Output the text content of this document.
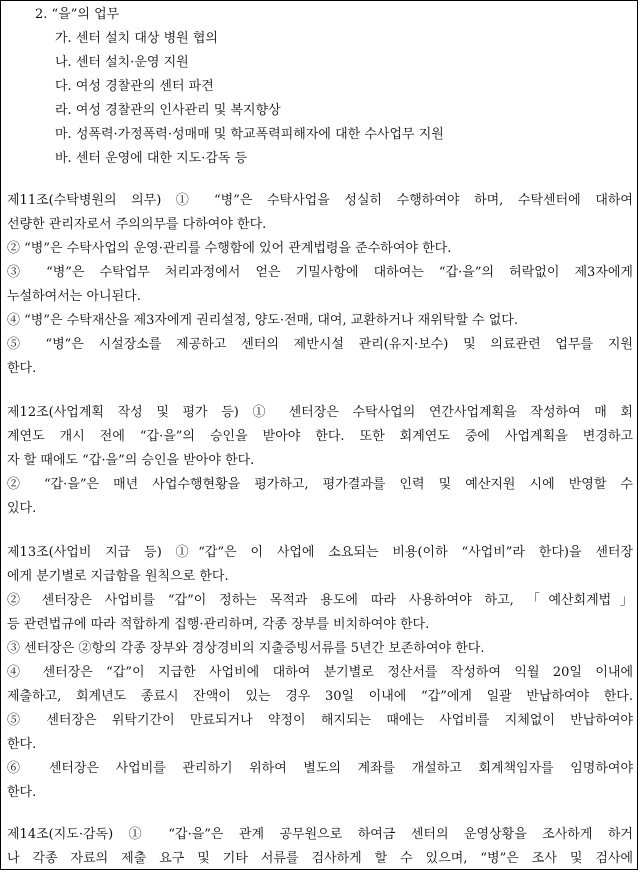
2. “을”의 업무
가. 센터 설치 대상 병원 협의
나. 센터 설치·운영 지원
다. 여성 경찰관의 센터 파견
라. 여성 경찰관의 인사관리 및 복지향상
마. 성폭력·가정폭력·성매매 및 학교폭력피해자에 대한 수사업무 지원
바. 센터 운영에 대한 지도·감독 등
제11조(수탁병원의 의무) ① “병”은 수탁사업을 성실히 수행하여야 하며, 수탁센터에 대하여
선량한 관리자로서 주의의무를 다하여야 한다.
② “병”은 수탁사업의 운영·관리를 수행함에 있어 관계법령을 준수하여야 한다.
③ “병”은 수탁업무 처리과정에서 얻은 기밀사항에 대하여는 “갑·을”의 허락없이 제3자에게
누설하여서는 아니된다.
④ “병”은 수탁재산을 제3자에게 권리설정, 양도·전매, 대여, 교환하거나 재위탁할 수 없다.
⑤ “병”은 시설장소를 제공하고 센터의 제반시설 관리(유지·보수) 및 의료관련 업무를 지원
한다.
제12조(사업계획 작성 및 평가 등) ① 센터장은 수탁사업의 연간사업계획을 작성하여 매 회
계연도 개시 전에 “갑·을”의 승인을 받아야 한다. 또한 회계연도 중에 사업계획을 변경하고
자 할 때에도 “갑·을”의 승인을 받아야 한다.
② “갑·을”은 매년 사업수행현황을 평가하고, 평가결과를 인력 및 예산지원 시에 반영할 수
있다.
제13조(사업비 지급 등) ①“갑”은 이 사업에 소요되는 비용(이하 “사업비”라 한다)을 센터장
에게 분기별로 지급함을 원칙으로 한다.
② 센터장은 사업비를 “갑”이 정하는 목적과 용도에 따라 사용하여야 하고, 「예산회계법」
등 관련법규에 따라 적합하게 집행·관리하며, 각종 장부를 비치하여야 한다.
③ 센터장은 ②항의 각종 장부와 경상경비의 지출증빙서류를 5년간 보존하여야 한다.
④ 센터장은 “갑”이 지급한 사업비에 대하여 분기별로 정산서를 작성하여 익월 20일 이내에
제출하고, 회계년도 종료시 잔액이 있는 경우 30일 이내에 “갑”에게 일괄 반납하여야 한다.
⑤ 센터장은 위탁기간이 만료되거나 약정이 해지되는 때에는 사업비를 지체없이 반납하여야
한다.
⑥ 센터장은 사업비를 관리하기 위하여 별도의 계좌를 개설하고 회계책임자를 임명하여야
한다.
제14조(지도·감독) ① “갑·을”은 관계 공무원으로 하여금 센터의 운영상황을 조사하게 하거
나 각종 자료의 제출 요구 및 기타 서류를 검사하게 할 수 있으며, “병”은 조사 및 검사에
